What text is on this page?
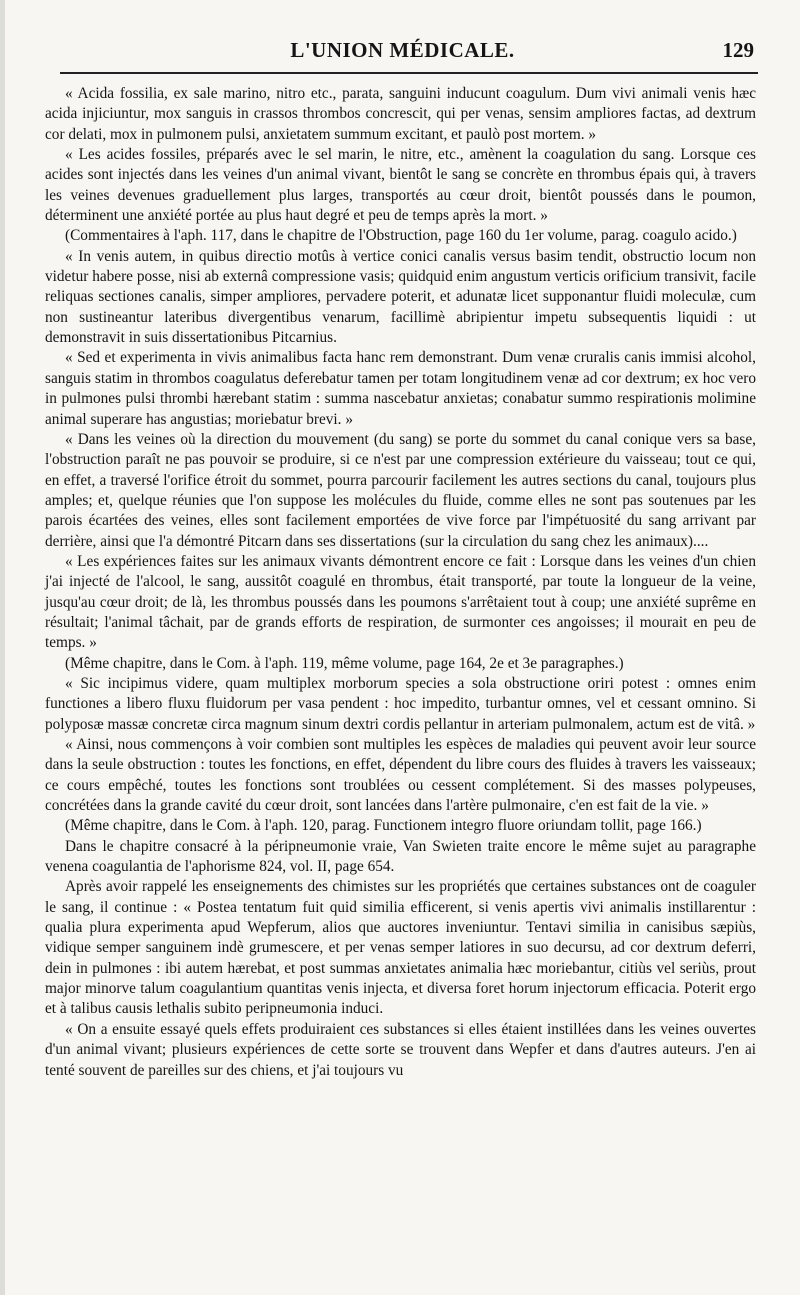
L'UNION MÉDICALE.	129

« Acida fossilia, ex sale marino, nitro etc., parata, sanguini inducunt coagulum. Dum vivi animali venis hæc acida injiciuntur, mox sanguis in crassos thrombos concrescit, qui per venas, sensim ampliores factas, ad dextrum cor delati, mox in pulmonem pulsi, anxietatem summum excitant, et paulò post mortem. »

« Les acides fossiles, préparés avec le sel marin, le nitre, etc., amènent la coagulation du sang. Lorsque ces acides sont injectés dans les veines d'un animal vivant, bientôt le sang se concrète en thrombus épais qui, à travers les veines devenues graduellement plus larges, transportés au cœur droit, bientôt poussés dans le poumon, déterminent une anxiété portée au plus haut degré et peu de temps après la mort. »

(Commentaires à l'aph. 117, dans le chapitre de l'Obstruction, page 160 du 1er volume, parag. coagulo acido.)

« In venis autem, in quibus directio motûs à vertice conici canalis versus basim tendit, obstructio locum non videtur habere posse, nisi ab externâ compressione vasis; quidquid enim angustum verticis orificium transivit, facile reliquas sectiones canalis, simper ampliores, pervadere poterit, et adunatæ licet supponantur fluidi moleculæ, cum non sustineantur lateribus divergentibus venarum, facillimè abripientur impetu subsequentis liquidi : ut demonstravit in suis dissertationibus Pitcarnius.

« Sed et experimenta in vivis animalibus facta hanc rem demonstrant. Dum venæ cruralis canis immisi alcohol, sanguis statim in thrombos coagulatus deferebatur tamen per totam longitudinem venæ ad cor dextrum; ex hoc vero in pulmones pulsi thrombi hærebant statim : summa nascebatur anxietas; conabatur summo respirationis molimine animal superare has angustias; moriebatur brevi. »

« Dans les veines où la direction du mouvement (du sang) se porte du sommet du canal conique vers sa base, l'obstruction paraît ne pas pouvoir se produire, si ce n'est par une compression extérieure du vaisseau; tout ce qui, en effet, a traversé l'orifice étroit du sommet, pourra parcourir facilement les autres sections du canal, toujours plus amples; et, quelque réunies que l'on suppose les molécules du fluide, comme elles ne sont pas soutenues par les parois écartées des veines, elles sont facilement emportées de vive force par l'impétuosité du sang arrivant par derrière, ainsi que l'a démontré Pitcarn dans ses dissertations (sur la circulation du sang chez les animaux)....

« Les expériences faites sur les animaux vivants démontrent encore ce fait : Lorsque dans les veines d'un chien j'ai injecté de l'alcool, le sang, aussitôt coagulé en thrombus, était transporté, par toute la longueur de la veine, jusqu'au cœur droit; de là, les thrombus poussés dans les poumons s'arrêtaient tout à coup; une anxiété suprême en résultait; l'animal tâchait, par de grands efforts de respiration, de surmonter ces angoisses; il mourait en peu de temps. »

(Même chapitre, dans le Com. à l'aph. 119, même volume, page 164, 2e et 3e paragraphes.)

« Sic incipimus videre, quam multiplex morborum species a sola obstructione oriri potest : omnes enim functiones a libero fluxu fluidorum per vasa pendent : hoc impedito, turbantur omnes, vel et cessant omnino. Si polyposæ massæ concretæ circa magnum sinum dextri cordis pellantur in arteriam pulmonalem, actum est de vitâ. »

« Ainsi, nous commençons à voir combien sont multiples les espèces de maladies qui peuvent avoir leur source dans la seule obstruction : toutes les fonctions, en effet, dépendent du libre cours des fluides à travers les vaisseaux; ce cours empêché, toutes les fonctions sont troublées ou cessent complétement. Si des masses polypeuses, concrétées dans la grande cavité du cœur droit, sont lancées dans l'artère pulmonaire, c'en est fait de la vie. »

(Même chapitre, dans le Com. à l'aph. 120, parag. Functionem integro fluore oriundam tollit, page 166.)

Dans le chapitre consacré à la péripneumonie vraie, Van Swieten traite encore le même sujet au paragraphe venena coagulantia de l'aphorisme 824, vol. II, page 654.

Après avoir rappelé les enseignements des chimistes sur les propriétés que certaines substances ont de coaguler le sang, il continue : « Postea tentatum fuit quid similia efficerent, si venis apertis vivi animalis instillarentur : qualia plura experimenta apud Wepferum, alios que auctores inveniuntur. Tentavi similia in canisibus sæpiùs, vidique semper sanguinem indè grumescere, et per venas semper latiores in suo decursu, ad cor dextrum deferri, dein in pulmones : ibi autem hærebat, et post summas anxietates animalia hæc moriebantur, citiùs vel seriùs, prout major minorve talum coagulantium quantitas venis injecta, et diversa foret horum injectorum efficacia. Poterit ergo et à talibus causis lethalis subito peripneumonia induci.

« On a ensuite essayé quels effets produiraient ces substances si elles étaient instillées dans les veines ouvertes d'un animal vivant; plusieurs expériences de cette sorte se trouvent dans Wepfer et dans d'autres auteurs. J'en ai tenté souvent de pareilles sur des chiens, et j'ai toujours vu
